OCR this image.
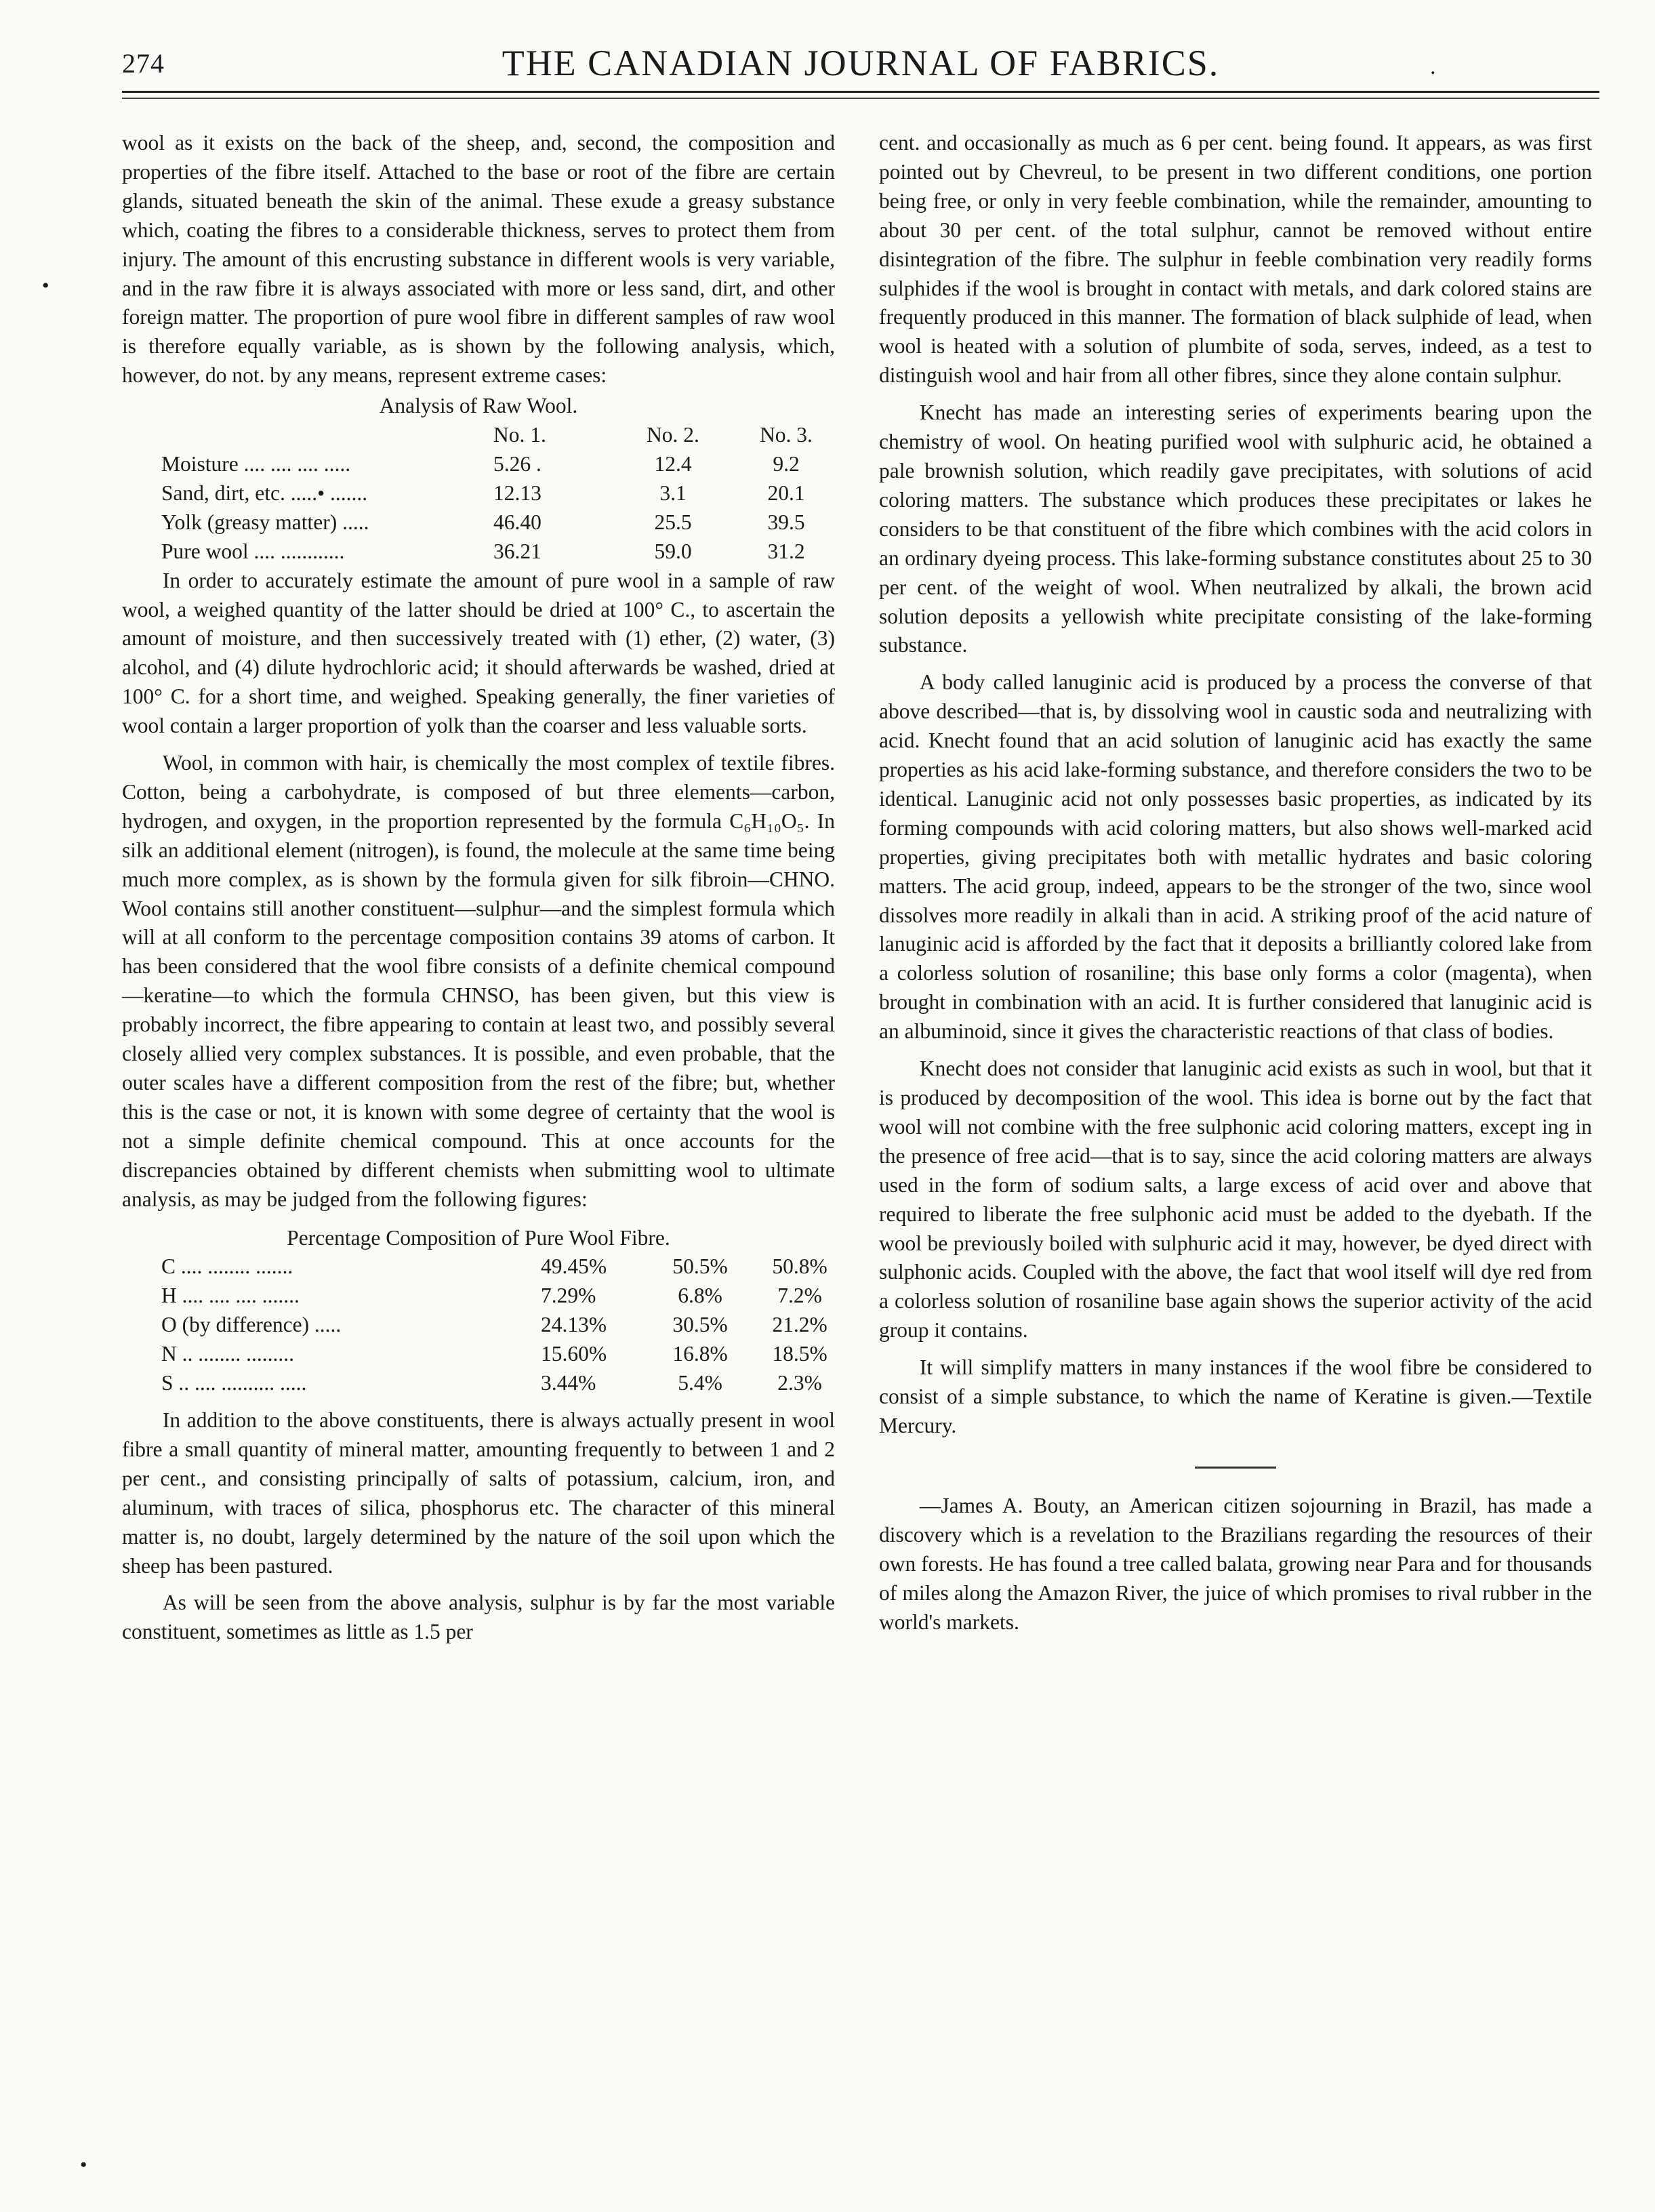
274	THE CANADIAN JOURNAL OF FABRICS.	.
•
•

wool as it exists on the back of the sheep, and, second, the composition and properties of the fibre itself. Attached to the base or root of the fibre are certain glands, situated beneath the skin of the animal. These exude a greasy substance which, coating the fibres to a considerable thickness, serves to protect them from injury. The amount of this encrusting substance in different wools is very variable, and in the raw fibre it is always associated with more or less sand, dirt, and other foreign matter. The proportion of pure wool fibre in different samples of raw wool is therefore equally variable, as is shown by the following analysis, which, however, do not. by any means, represent extreme cases:

Analysis of Raw Wool.
	No. 1.	No. 2.	No. 3.
Moisture .... .... .... .....	5.26 .	12.4	9.2
Sand, dirt, etc. .....• .......	12.13	3.1	20.1
Yolk (greasy matter) .....	46.40	25.5	39.5
Pure wool .... ............	36.21	59.0	31.2

In order to accurately estimate the amount of pure wool in a sample of raw wool, a weighed quantity of the latter should be dried at 100° C., to ascertain the amount of moisture, and then successively treated with (1) ether, (2) water, (3) alcohol, and (4) dilute hydrochloric acid; it should afterwards be washed, dried at 100° C. for a short time, and weighed. Speaking generally, the finer varieties of wool contain a larger proportion of yolk than the coarser and less valuable sorts.

Wool, in common with hair, is chemically the most complex of textile fibres. Cotton, being a carbohydrate, is composed of but three elements—carbon, hydrogen, and oxygen, in the proportion represented by the formula C₆H₁₀O₅. In silk an additional element (nitrogen), is found, the molecule at the same time being much more complex, as is shown by the formula given for silk fibroin—CHNO. Wool contains still another constituent—sulphur—and the simplest formula which will at all conform to the percentage composition contains 39 atoms of carbon. It has been considered that the wool fibre consists of a definite chemical compound—keratine—to which the formula CHNSO, has been given, but this view is probably incorrect, the fibre appearing to contain at least two, and possibly several closely allied very complex substances. It is possible, and even probable, that the outer scales have a different composition from the rest of the fibre; but, whether this is the case or not, it is known with some degree of certainty that the wool is not a simple definite chemical compound. This at once accounts for the discrepancies obtained by different chemists when submitting wool to ultimate analysis, as may be judged from the following figures:

Percentage Composition of Pure Wool Fibre.
C .... ........ .......	49.45%	50.5%	50.8%
H .... .... .... .......	7.29%	6.8%	7.2%
O (by difference) .....	24.13%	30.5%	21.2%
N .. ........ .........	15.60%	16.8%	18.5%
S .. .... .......... .....	3.44%	5.4%	2.3%

In addition to the above constituents, there is always actually present in wool fibre a small quantity of mineral matter, amounting frequently to between 1 and 2 per cent., and consisting principally of salts of potassium, calcium, iron, and aluminum, with traces of silica, phosphorus etc. The character of this mineral matter is, no doubt, largely determined by the nature of the soil upon which the sheep has been pastured.

As will be seen from the above analysis, sulphur is by far the most variable constituent, sometimes as little as 1.5 per

cent. and occasionally as much as 6 per cent. being found. It appears, as was first pointed out by Chevreul, to be present in two different conditions, one portion being free, or only in very feeble combination, while the remainder, amounting to about 30 per cent. of the total sulphur, cannot be removed without entire disintegration of the fibre. The sulphur in feeble combination very readily forms sulphides if the wool is brought in contact with metals, and dark colored stains are frequently produced in this manner. The formation of black sulphide of lead, when wool is heated with a solution of plumbite of soda, serves, indeed, as a test to distinguish wool and hair from all other fibres, since they alone contain sulphur.

Knecht has made an interesting series of experiments bearing upon the chemistry of wool. On heating purified wool with sulphuric acid, he obtained a pale brownish solution, which readily gave precipitates, with solutions of acid coloring matters. The substance which produces these precipitates or lakes he considers to be that constituent of the fibre which combines with the acid colors in an ordinary dyeing process. This lake-forming substance constitutes about 25 to 30 per cent. of the weight of wool. When neutralized by alkali, the brown acid solution deposits a yellowish white precipitate consisting of the lake-forming substance.

A body called lanuginic acid is produced by a process the converse of that above described—that is, by dissolving wool in caustic soda and neutralizing with acid. Knecht found that an acid solution of lanuginic acid has exactly the same properties as his acid lake-forming substance, and therefore considers the two to be identical. Lanuginic acid not only possesses basic properties, as indicated by its forming compounds with acid coloring matters, but also shows well-marked acid properties, giving precipitates both with metallic hydrates and basic coloring matters. The acid group, indeed, appears to be the stronger of the two, since wool dissolves more readily in alkali than in acid. A striking proof of the acid nature of lanuginic acid is afforded by the fact that it deposits a brilliantly colored lake from a colorless solution of rosaniline; this base only forms a color (magenta), when brought in combination with an acid. It is further considered that lanuginic acid is an albuminoid, since it gives the characteristic reactions of that class of bodies.

Knecht does not consider that lanuginic acid exists as such in wool, but that it is produced by decomposition of the wool. This idea is borne out by the fact that wool will not combine with the free sulphonic acid coloring matters, except ing in the presence of free acid—that is to say, since the acid coloring matters are always used in the form of sodium salts, a large excess of acid over and above that required to liberate the free sulphonic acid must be added to the dyebath. If the wool be previously boiled with sulphuric acid it may, however, be dyed direct with sulphonic acids. Coupled with the above, the fact that wool itself will dye red from a colorless solution of rosaniline base again shows the superior activity of the acid group it contains.

It will simplify matters in many instances if the wool fibre be considered to consist of a simple substance, to which the name of Keratine is given.—Textile Mercury.

—James A. Bouty, an American citizen sojourning in Brazil, has made a discovery which is a revelation to the Brazilians regarding the resources of their own forests. He has found a tree called balata, growing near Para and for thousands of miles along the Amazon River, the juice of which promises to rival rubber in the world's markets.
